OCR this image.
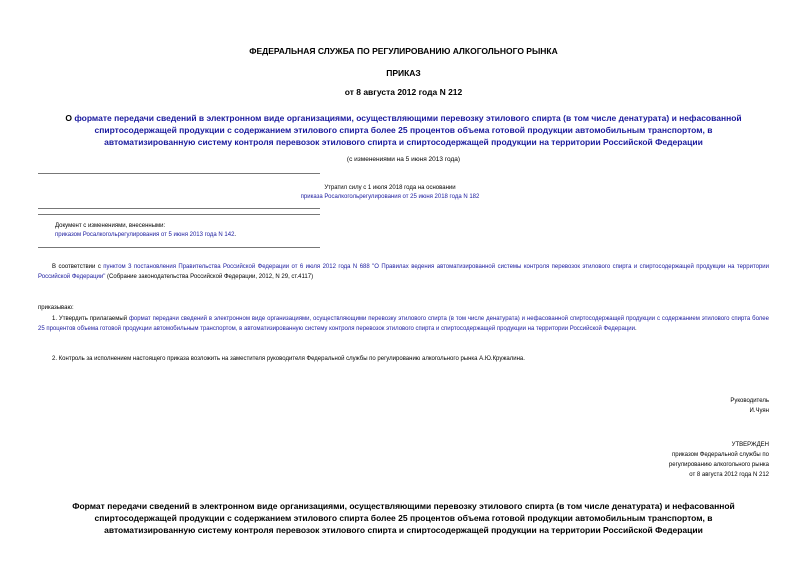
ФЕДЕРАЛЬНАЯ СЛУЖБА ПО РЕГУЛИРОВАНИЮ АЛКОГОЛЬНОГО РЫНКА
ПРИКАЗ
от 8 августа 2012 года N 212
О формате передачи сведений в электронном виде организациями, осуществляющими перевозку этилового спирта (в том числе денатурата) и нефасованной спиртосодержащей продукции с содержанием этилового спирта более 25 процентов объема готовой продукции автомобильным транспортом, в автоматизированную систему контроля перевозок этилового спирта и спиртосодержащей продукции на территории Российской Федерации
(с изменениями на 5 июня 2013 года)
Утратил силу с 1 июля 2018 года на основании
приказа Росалкогольрегулирования от 25 июня 2018 года N 182
Документ с изменениями, внесенными:
приказом Росалкогольрегулирования от 5 июня 2013 года N 142.
В соответствии с пунктом 3 постановления Правительства Российской Федерации от 6 июля 2012 года N 688 "О Правилах ведения автоматизированной системы контроля перевозок этилового спирта и спиртосодержащей продукции на территории Российской Федерации" (Собрание законодательства Российской Федерации, 2012, N 29, ст.4117)
приказываю:
1. Утвердить прилагаемый формат передачи сведений в электронном виде организациями, осуществляющими перевозку этилового спирта (в том числе денатурата) и нефасованной спиртосодержащей продукции с содержанием этилового спирта более 25 процентов объема готовой продукции автомобильным транспортом, в автоматизированную систему контроля перевозок этилового спирта и спиртосодержащей продукции на территории Российской Федерации.
2. Контроль за исполнением настоящего приказа возложить на заместителя руководителя Федеральной службы по регулированию алкогольного рынка А.Ю.Кружалина.
Руководитель
И.Чуян
УТВЕРЖДЕН
приказом Федеральной службы по
регулированию алкогольного рынка
от 8 августа 2012 года N 212
Формат передачи сведений в электронном виде организациями, осуществляющими перевозку этилового спирта (в том числе денатурата) и нефасованной спиртосодержащей продукции с содержанием этилового спирта более 25 процентов объема готовой продукции автомобильным транспортом, в автоматизированную систему контроля перевозок этилового спирта и спиртосодержащей продукции на территории Российской Федерации
